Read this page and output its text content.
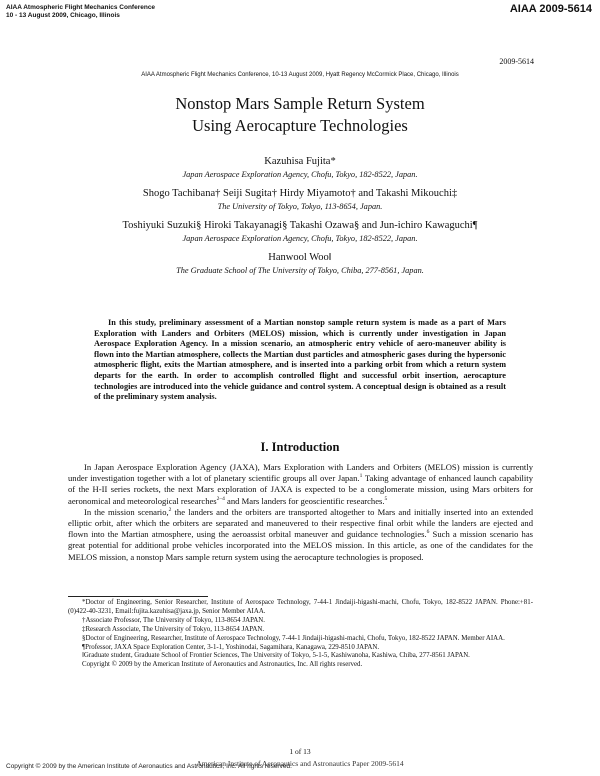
AIAA Atmospheric Flight Mechanics Conference
10 - 13 August 2009, Chicago, Illinois
AIAA 2009-5614
2009-5614
AIAA Atmospheric Flight Mechanics Conference, 10-13 August 2009, Hyatt Regency McCormick Place, Chicago, Illinois
Nonstop Mars Sample Return System
Using Aerocapture Technologies
Kazuhisa Fujita*
Japan Aerospace Exploration Agency, Chofu, Tokyo, 182-8522, Japan.
Shogo Tachibana† Seiji Sugita† Hirdy Miyamoto† and Takashi Mikouchi‡
The University of Tokyo, Tokyo, 113-8654, Japan.
Toshiyuki Suzuki§ Hiroki Takayanagi§ Takashi Ozawa§ and Jun-ichiro Kawaguchi¶
Japan Aerospace Exploration Agency, Chofu, Tokyo, 182-8522, Japan.
Hanwool Woo‖
The Graduate School of The University of Tokyo, Chiba, 277-8561, Japan.
In this study, preliminary assessment of a Martian nonstop sample return system is made as a part of Mars Exploration with Landers and Orbiters (MELOS) mission, which is currently under investigation in Japan Aerospace Exploration Agency. In a mission scenario, an atmospheric entry vehicle of aero-maneuver ability is flown into the Martian atmosphere, collects the Martian dust particles and atmospheric gases during the hypersonic atmospheric flight, exits the Martian atmosphere, and is inserted into a parking orbit from which a return system departs for the earth. In order to accomplish controlled flight and successful orbit insertion, aerocapture technologies are introduced into the vehicle guidance and control system. A conceptual design is obtained as a result of the preliminary system analysis.
I. Introduction

In Japan Aerospace Exploration Agency (JAXA), Mars Exploration with Landers and Orbiters (MELOS) mission is currently under investigation together with a lot of planetary scientific groups all over Japan.$^1$ Taking advantage of enhanced launch capability of the H-II series rockets, the next Mars exploration of JAXA is expected to be a conglomerate mission, using Mars orbiters for aeronomical and meteorological researches$^{2-4}$ and Mars landers for geoscientific researches.$^5$

In the mission scenario,$^2$ the landers and the orbiters are transported altogether to Mars and initially inserted into an extended elliptic orbit, after which the orbiters are separated and maneuvered to their respective final orbit while the landers are ejected and flown into the Martian atmosphere, using the aeroassist orbital maneuver and guidance technologies.$^6$ Such a mission scenario has great potential for additional probe vehicles incorporated into the MELOS mission. In this article, as one of the candidates for the MELOS mission, a nonstop Mars sample return system using the aerocapture technologies is proposed.

*Doctor of Engineering, Senior Researcher, Institute of Aerospace Technology, 7-44-1 Jindaiji-higashi-machi, Chofu, Tokyo, 182-8522 JAPAN. Phone:+81-(0)422-40-3231, Email:fujita.kazuhisa@jaxa.jp, Senior Member AIAA.
†Associate Professor, The University of Tokyo, 113-8654 JAPAN.
‡Research Associate, The University of Tokyo, 113-8654 JAPAN.
§Doctor of Engineering, Researcher, Institute of Aerospace Technology, 7-44-1 Jindaiji-higashi-machi, Chofu, Tokyo, 182-8522 JAPAN. Member AIAA.
¶Professor, JAXA Space Exploration Center, 3-1-1, Yoshinodai, Sagamihara, Kanagawa, 229-8510 JAPAN.
‖Graduate student, Graduate School of Frontier Sciences, The University of Tokyo, 5-1-5, Kashiwanoha, Kashiwa, Chiba, 277-8561 JAPAN.
Copyright © 2009 by the American Institute of Aeronautics and Astronautics, Inc. All rights reserved.
1 of 13
American Institute of Aeronautics and Astronautics Paper 2009-5614
Copyright © 2009 by the American Institute of Aeronautics and Astronautics, Inc. All rights reserved.
